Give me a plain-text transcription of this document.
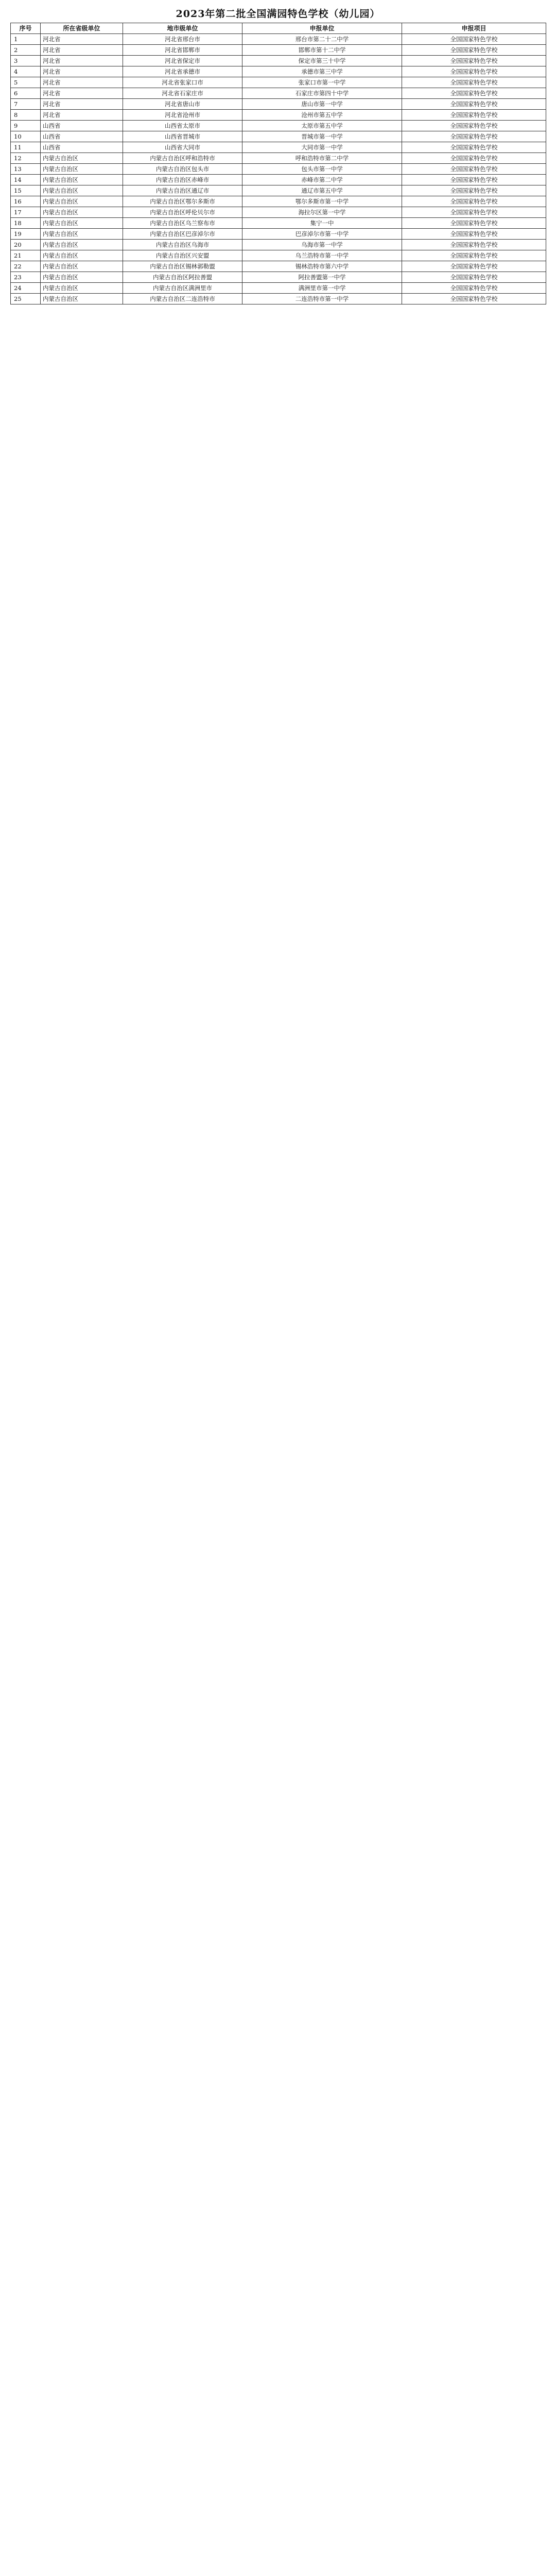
2023年第二批全国满园特色学校（幼儿园）
序号	所在省级单位	地市级单位	申报单位	申报项目
1	河北省	河北省邢台市	邢台市第二十二中学	全国国家特色学校
2	河北省	河北省邯郸市	邯郸市第十二中学	全国国家特色学校
3	河北省	河北省保定市	保定市第三十中学	全国国家特色学校
4	河北省	河北省承德市	承德市第三中学	全国国家特色学校
5	河北省	河北省张家口市	张家口市第一中学	全国国家特色学校
6	河北省	河北省石家庄市	石家庄市第四十中学	全国国家特色学校
7	河北省	河北省唐山市	唐山市第一中学	全国国家特色学校
8	河北省	河北省沧州市	沧州市第五中学	全国国家特色学校
9	山西省	山西省太原市	太原市第五中学	全国国家特色学校
10	山西省	山西省晋城市	晋城市第一中学	全国国家特色学校
11	山西省	山西省大同市	大同市第一中学	全国国家特色学校
12	内蒙古自治区	内蒙古自治区呼和浩特市	呼和浩特市第二中学	全国国家特色学校
13	内蒙古自治区	内蒙古自治区包头市	包头市第一中学	全国国家特色学校
14	内蒙古自治区	内蒙古自治区赤峰市	赤峰市第二中学	全国国家特色学校
15	内蒙古自治区	内蒙古自治区通辽市	通辽市第五中学	全国国家特色学校
16	内蒙古自治区	内蒙古自治区鄂尔多斯市	鄂尔多斯市第一中学	全国国家特色学校
17	内蒙古自治区	内蒙古自治区呼伦贝尔市	海拉尔区第一中学	全国国家特色学校
18	内蒙古自治区	内蒙古自治区乌兰察布市	集宁一中	全国国家特色学校
19	内蒙古自治区	内蒙古自治区巴彦淖尔市	巴彦淖尔市第一中学	全国国家特色学校
20	内蒙古自治区	内蒙古自治区乌海市	乌海市第一中学	全国国家特色学校
21	内蒙古自治区	内蒙古自治区兴安盟	乌兰浩特市第一中学	全国国家特色学校
22	内蒙古自治区	内蒙古自治区锡林郭勒盟	锡林浩特市第六中学	全国国家特色学校
23	内蒙古自治区	内蒙古自治区阿拉善盟	阿拉善盟第一中学	全国国家特色学校
24	内蒙古自治区	内蒙古自治区满洲里市	满洲里市第一中学	全国国家特色学校
25	内蒙古自治区	内蒙古自治区二连浩特市	二连浩特市第一中学	全国国家特色学校
